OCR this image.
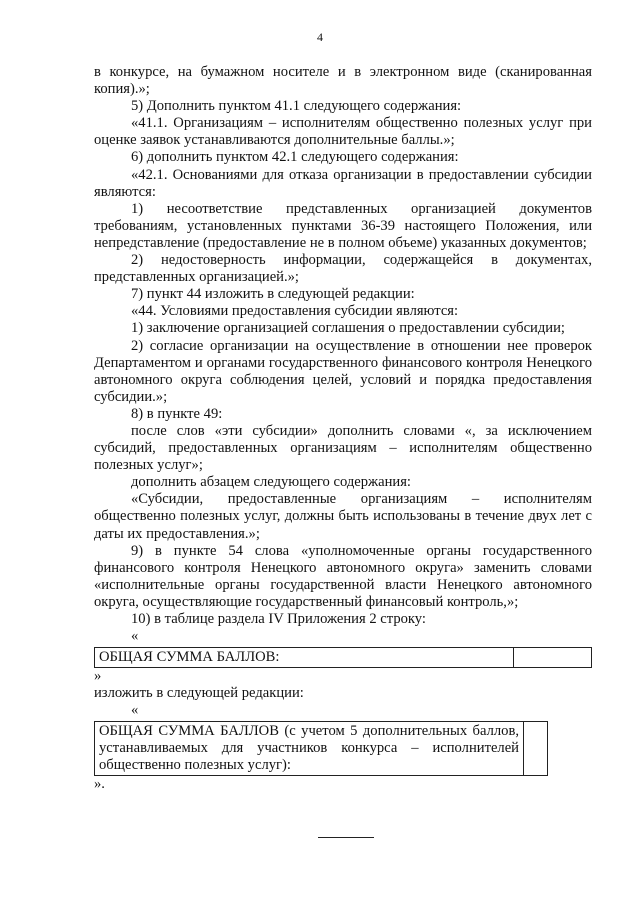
4

в конкурсе, на бумажном носителе и в электронном виде (сканированная копия).»;

5) Дополнить пунктом 41.1 следующего содержания:

«41.1. Организациям – исполнителям общественно полезных услуг при оценке заявок устанавливаются дополнительные баллы.»;

6) дополнить пунктом 42.1 следующего содержания:

«42.1. Основаниями для отказа организации в предоставлении субсидии являются:

1) несоответствие представленных организацией документов требованиям, установленных пунктами 36-39 настоящего Положения, или непредставление (предоставление не в полном объеме) указанных документов;

2) недостоверность информации, содержащейся в документах, представленных организацией.»;

7) пункт 44 изложить в следующей редакции:

«44. Условиями предоставления субсидии являются:

1) заключение организацией соглашения о предоставлении субсидии;

2) согласие организации на осуществление в отношении нее проверок Департаментом и органами государственного финансового контроля Ненецкого автономного округа соблюдения целей, условий и порядка предоставления субсидии.»;

8) в пункте 49:

после слов «эти субсидии» дополнить словами «, за исключением субсидий, предоставленных организациям – исполнителям общественно полезных услуг»;

дополнить абзацем следующего содержания:

«Субсидии, предоставленные организациям – исполнителям общественно полезных услуг, должны быть использованы в течение двух лет с даты их предоставления.»;

9) в пункте 54 слова «уполномоченные органы государственного финансового контроля Ненецкого автономного округа» заменить словами «исполнительные органы государственной власти Ненецкого автономного округа, осуществляющие государственный финансовый контроль,»;

10) в таблице раздела IV Приложения 2 строку:

«

ОБЩАЯ СУММА БАЛЛОВ:	

»

изложить в следующей редакции:

«

ОБЩАЯ СУММА БАЛЛОВ (с учетом 5 дополнительных баллов, устанавливаемых для участников конкурса – исполнителей общественно полезных услуг):	

».
